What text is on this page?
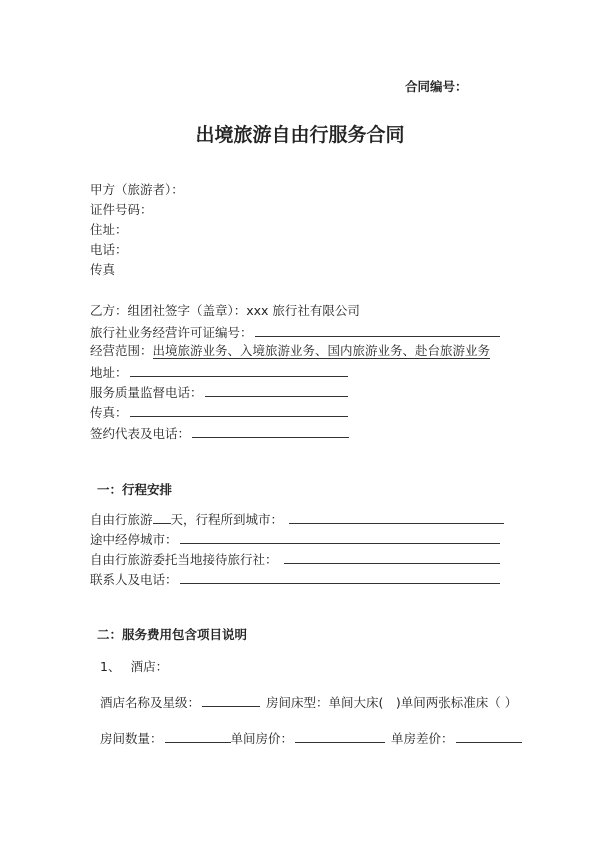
合同编号：
出境旅游自由行服务合同
甲方（旅游者）：
证件号码：
住址：
电话：
传真
乙方：组团社签字（盖章）：xxx 旅行社有限公司
旅行社业务经营许可证编号：
经营范围：出境旅游业务、入境旅游业务、国内旅游业务、赴台旅游业务
地址：
服务质量监督电话：
传真：
签约代表及电话：
一：行程安排
自由行旅游 天，行程所到城市：
途中经停城市：
自由行旅游委托当地接待旅行社：
联系人及电话：
二：服务费用包含项目说明
1、　 酒店：
酒店名称及星级：	房间床型：单间大床(　)单间两张标准床（ ）
房间数量：	单间房价：	单房差价：
